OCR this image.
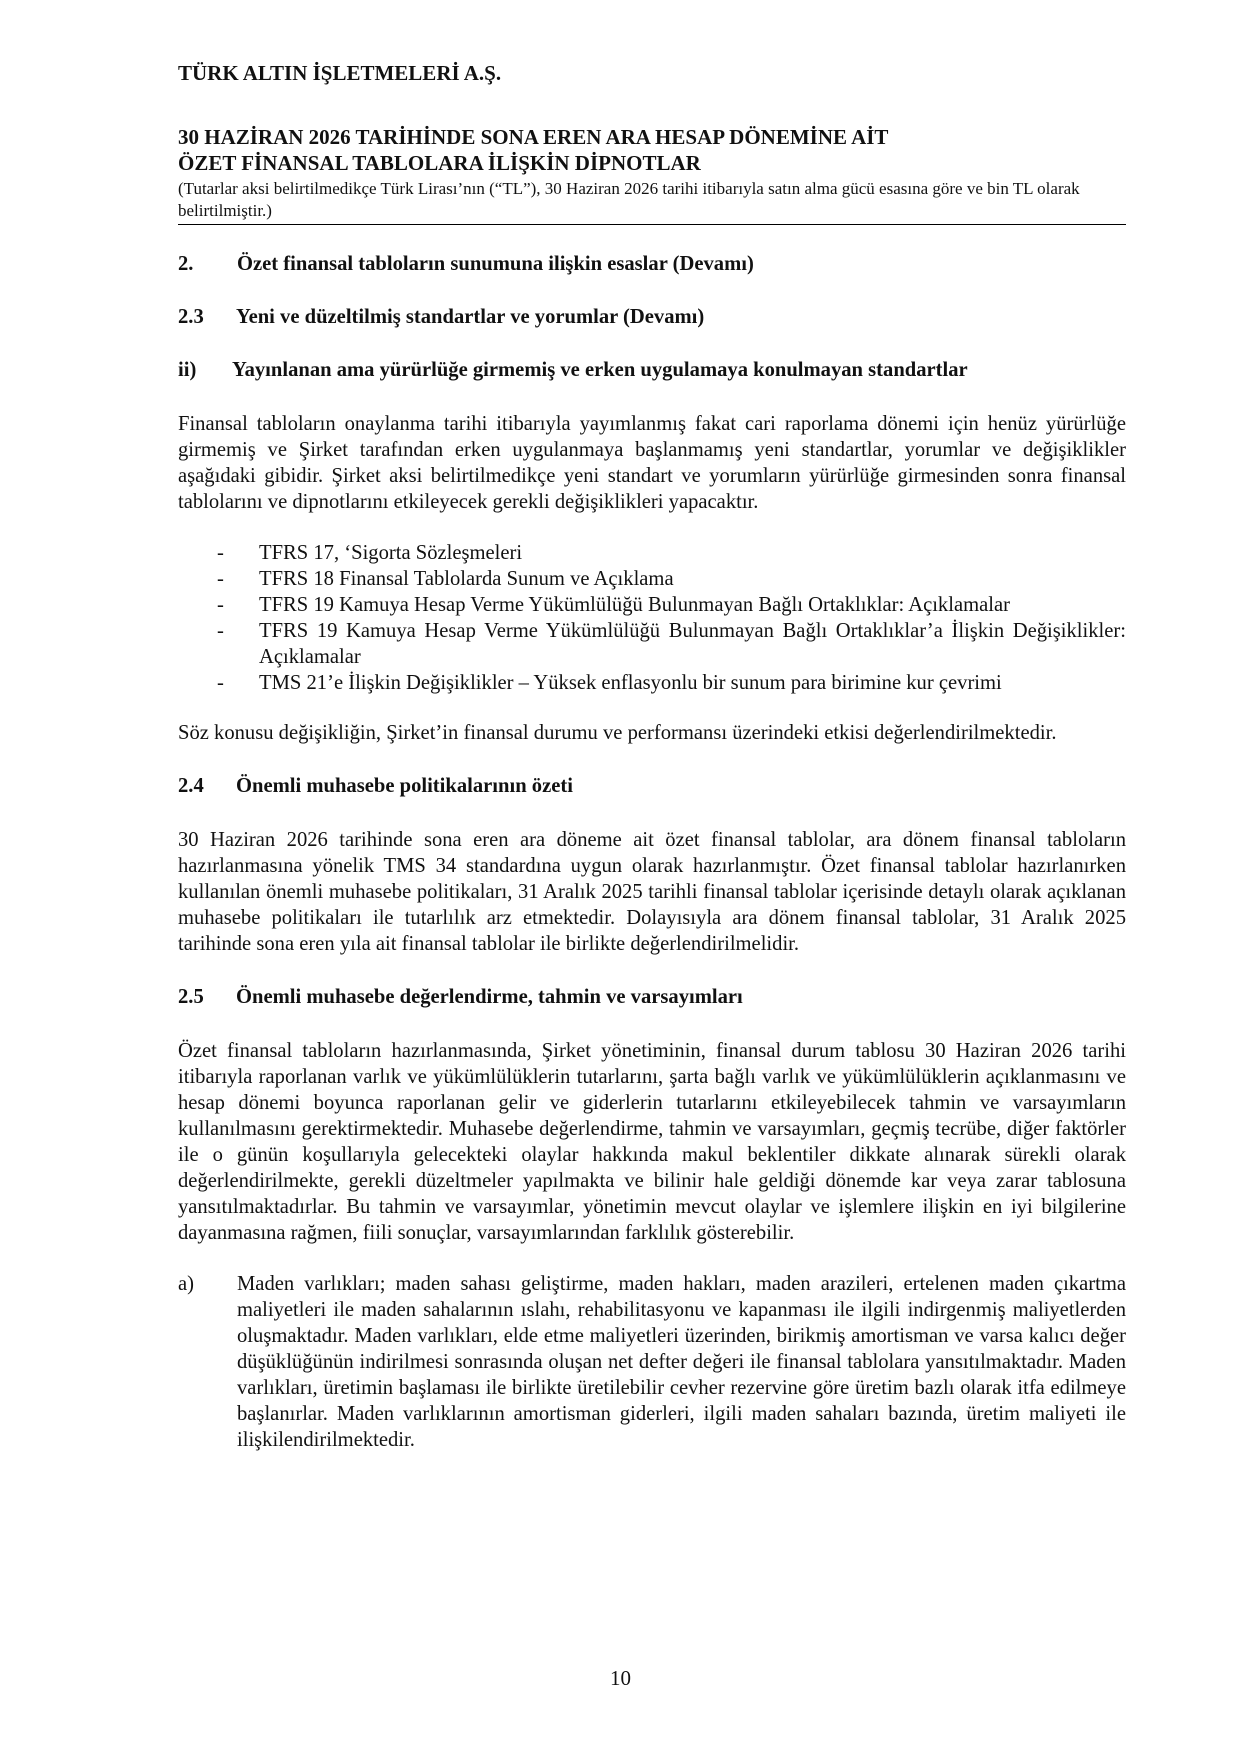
TÜRK ALTIN İŞLETMELERİ A.Ş.

30 HAZİRAN 2026 TARİHİNDE SONA EREN ARA HESAP DÖNEMİNE AİT
ÖZET FİNANSAL TABLOLARA İLİŞKİN DİPNOTLAR

(Tutarlar aksi belirtilmedikçe Türk Lirası’nın (“TL”), 30 Haziran 2026 tarihi itibarıyla satın alma gücü esasına göre ve bin TL olarak belirtilmiştir.)

2.	Özet finansal tabloların sunumuna ilişkin esaslar (Devamı)
2.3	Yeni ve düzeltilmiş standartlar ve yorumlar (Devamı)
ii)	Yayınlanan ama yürürlüğe girmemiş ve erken uygulamaya konulmayan standartlar

Finansal tabloların onaylanma tarihi itibarıyla yayımlanmış fakat cari raporlama dönemi için henüz yürürlüğe girmemiş ve Şirket tarafından erken uygulanmaya başlanmamış yeni standartlar, yorumlar ve değişiklikler aşağıdaki gibidir. Şirket aksi belirtilmedikçe yeni standart ve yorumların yürürlüğe girmesinden sonra finansal tablolarını ve dipnotlarını etkileyecek gerekli değişiklikleri yapacaktır.

-	TFRS 17, ‘Sigorta Sözleşmeleri
-	TFRS 18 Finansal Tablolarda Sunum ve Açıklama
-	TFRS 19 Kamuya Hesap Verme Yükümlülüğü Bulunmayan Bağlı Ortaklıklar: Açıklamalar
-	TFRS 19 Kamuya Hesap Verme Yükümlülüğü Bulunmayan Bağlı Ortaklıklar’a İlişkin Değişiklikler: Açıklamalar
-	TMS 21’e İlişkin Değişiklikler – Yüksek enflasyonlu bir sunum para birimine kur çevrimi

Söz konusu değişikliğin, Şirket’in finansal durumu ve performansı üzerindeki etkisi değerlendirilmektedir.

2.4	Önemli muhasebe politikalarının özeti

30 Haziran 2026 tarihinde sona eren ara döneme ait özet finansal tablolar, ara dönem finansal tabloların hazırlanmasına yönelik TMS 34 standardına uygun olarak hazırlanmıştır. Özet finansal tablolar hazırlanırken kullanılan önemli muhasebe politikaları, 31 Aralık 2025 tarihli finansal tablolar içerisinde detaylı olarak açıklanan muhasebe politikaları ile tutarlılık arz etmektedir. Dolayısıyla ara dönem finansal tablolar, 31 Aralık 2025 tarihinde sona eren yıla ait finansal tablolar ile birlikte değerlendirilmelidir.

2.5	Önemli muhasebe değerlendirme, tahmin ve varsayımları

Özet finansal tabloların hazırlanmasında, Şirket yönetiminin, finansal durum tablosu 30 Haziran 2026 tarihi itibarıyla raporlanan varlık ve yükümlülüklerin tutarlarını, şarta bağlı varlık ve yükümlülüklerin açıklanmasını ve hesap dönemi boyunca raporlanan gelir ve giderlerin tutarlarını etkileyebilecek tahmin ve varsayımların kullanılmasını gerektirmektedir. Muhasebe değerlendirme, tahmin ve varsayımları, geçmiş tecrübe, diğer faktörler ile o günün koşullarıyla gelecekteki olaylar hakkında makul beklentiler dikkate alınarak sürekli olarak değerlendirilmekte, gerekli düzeltmeler yapılmakta ve bilinir hale geldiği dönemde kar veya zarar tablosuna yansıtılmaktadırlar. Bu tahmin ve varsayımlar, yönetimin mevcut olaylar ve işlemlere ilişkin en iyi bilgilerine dayanmasına rağmen, fiili sonuçlar, varsayımlarından farklılık gösterebilir.

a)	Maden varlıkları; maden sahası geliştirme, maden hakları, maden arazileri, ertelenen maden çıkartma maliyetleri ile maden sahalarının ıslahı, rehabilitasyonu ve kapanması ile ilgili indirgenmiş maliyetlerden oluşmaktadır. Maden varlıkları, elde etme maliyetleri üzerinden, birikmiş amortisman ve varsa kalıcı değer düşüklüğünün indirilmesi sonrasında oluşan net defter değeri ile finansal tablolara yansıtılmaktadır. Maden varlıkları, üretimin başlaması ile birlikte üretilebilir cevher rezervine göre üretim bazlı olarak itfa edilmeye başlanırlar. Maden varlıklarının amortisman giderleri, ilgili maden sahaları bazında, üretim maliyeti ile ilişkilendirilmektedir.
10
